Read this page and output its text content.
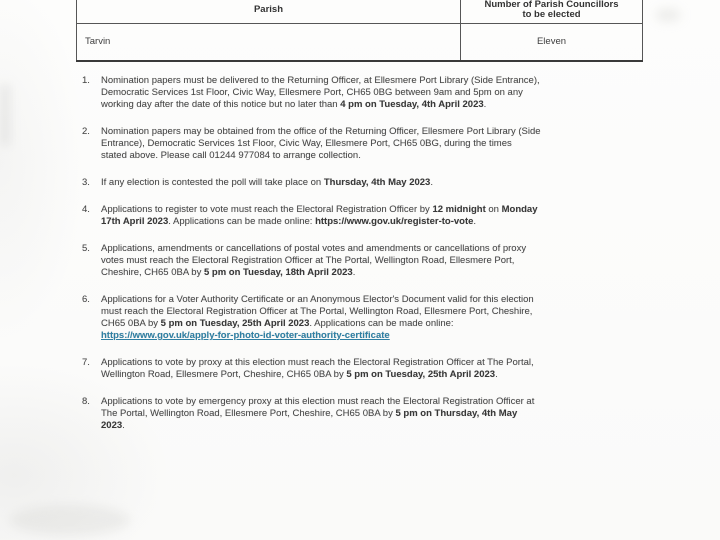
Parish	Number of Parish Councillors
to be elected

Tarvin	Eleven
1.	Nomination papers must be delivered to the Returning Officer, at Ellesmere Port Library (Side Entrance),
Democratic Services 1st Floor, Civic Way, Ellesmere Port, CH65 0BG between 9am and 5pm on any
working day after the date of this notice but no later than 4 pm on Tuesday, 4th April 2023.
2.	Nomination papers may be obtained from the office of the Returning Officer, Ellesmere Port Library (Side
Entrance), Democratic Services 1st Floor, Civic Way, Ellesmere Port, CH65 0BG, during the times
stated above. Please call 01244 977084 to arrange collection.
3.	If any election is contested the poll will take place on Thursday, 4th May 2023.
4.	Applications to register to vote must reach the Electoral Registration Officer by 12 midnight on Monday
17th April 2023. Applications can be made online: https://www.gov.uk/register-to-vote.
5.	Applications, amendments or cancellations of postal votes and amendments or cancellations of proxy
votes must reach the Electoral Registration Officer at The Portal, Wellington Road, Ellesmere Port,
Cheshire, CH65 0BA by 5 pm on Tuesday, 18th April 2023.
6.	Applications for a Voter Authority Certificate or an Anonymous Elector's Document valid for this election
must reach the Electoral Registration Officer at The Portal, Wellington Road, Ellesmere Port, Cheshire,
CH65 0BA by 5 pm on Tuesday, 25th April 2023. Applications can be made online:
https://www.gov.uk/apply-for-photo-id-voter-authority-certificate
7.	Applications to vote by proxy at this election must reach the Electoral Registration Officer at The Portal,
Wellington Road, Ellesmere Port, Cheshire, CH65 0BA by 5 pm on Tuesday, 25th April 2023.
8.	Applications to vote by emergency proxy at this election must reach the Electoral Registration Officer at
The Portal, Wellington Road, Ellesmere Port, Cheshire, CH65 0BA by 5 pm on Thursday, 4th May
2023.
